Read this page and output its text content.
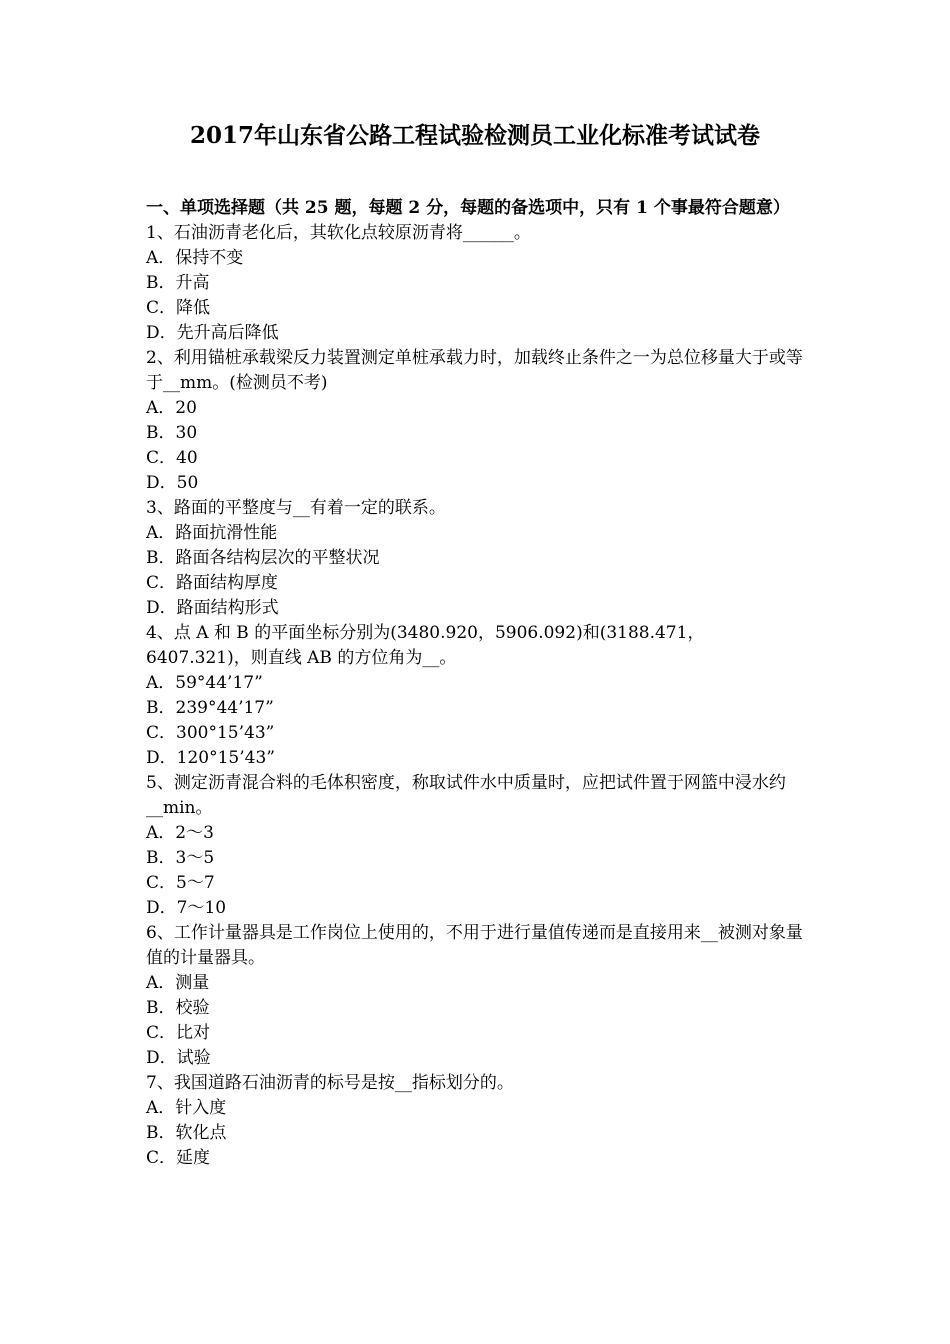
2017年山东省公路工程试验检测员工业化标准考试试卷

一、单项选择题（共 25 题，每题 2 分，每题的备选项中，只有 1 个事最符合题意）

1、石油沥青老化后，其软化点较原沥青将______。

A．保持不变

B．升高

C．降低

D．先升高后降低

2、利用锚桩承载梁反力装置测定单桩承载力时，加载终止条件之一为总位移量大于或等于__mm。(检测员不考)

A．20

B．30

C．40

D．50

3、路面的平整度与__有着一定的联系。

A．路面抗滑性能

B．路面各结构层次的平整状况

C．路面结构厚度

D．路面结构形式

4、点 A 和 B 的平面坐标分别为(3480.920，5906.092)和(3188.471，6407.321)，则直线 AB 的方位角为__。

A．59°44’17”

B．239°44’17”

C．300°15’43”

D．120°15’43”

5、测定沥青混合料的毛体积密度，称取试件水中质量时，应把试件置于网篮中浸水约__min。

A．2～3

B．3～5

C．5～7

D．7～10

6、工作计量器具是工作岗位上使用的，不用于进行量值传递而是直接用来__被测对象量值的计量器具。

A．测量

B．校验

C．比对

D．试验

7、我国道路石油沥青的标号是按__指标划分的。

A．针入度

B．软化点

C．延度
